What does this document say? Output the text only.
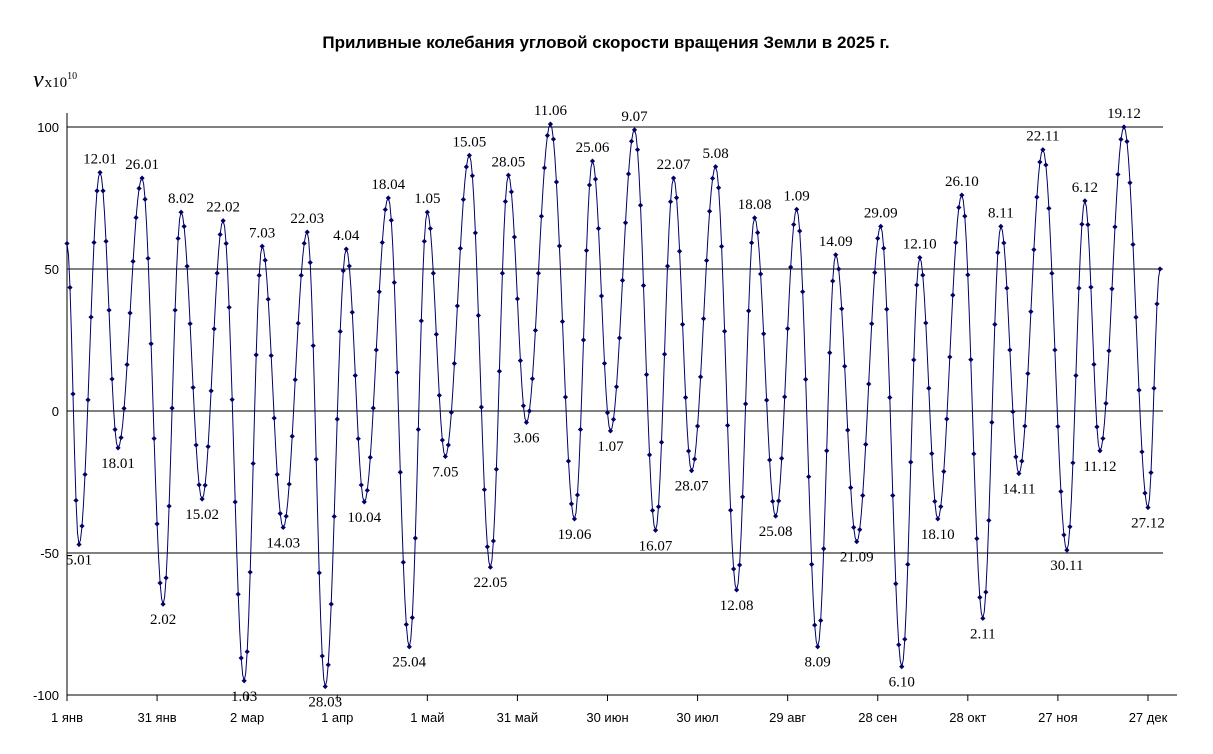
Приливные колебания угловой скорости вращения Земли в 2025 г.
$\nu x10^{10}$
100
50
0
-50
-100
1 янв	31 янв	2 мар	1 апр	1 май	31 май	30 июн	30 июл	29 авг	28 сен	28 окт	27 ноя	27 дек
5.01
12.01
18.01
26.01
2.02
8.02
15.02
22.02
1.03
7.03
14.03
22.03
28.03
4.04
10.04
18.04
25.04
1.05
7.05
15.05
22.05
28.05
3.06
11.06
19.06
25.06
1.07
9.07
16.07
22.07
28.07
5.08
12.08
18.08
25.08
1.09
8.09
14.09
21.09
29.09
6.10
12.10
18.10
26.10
2.11
8.11
14.11
22.11
30.11
6.12
11.12
19.12
27.12
